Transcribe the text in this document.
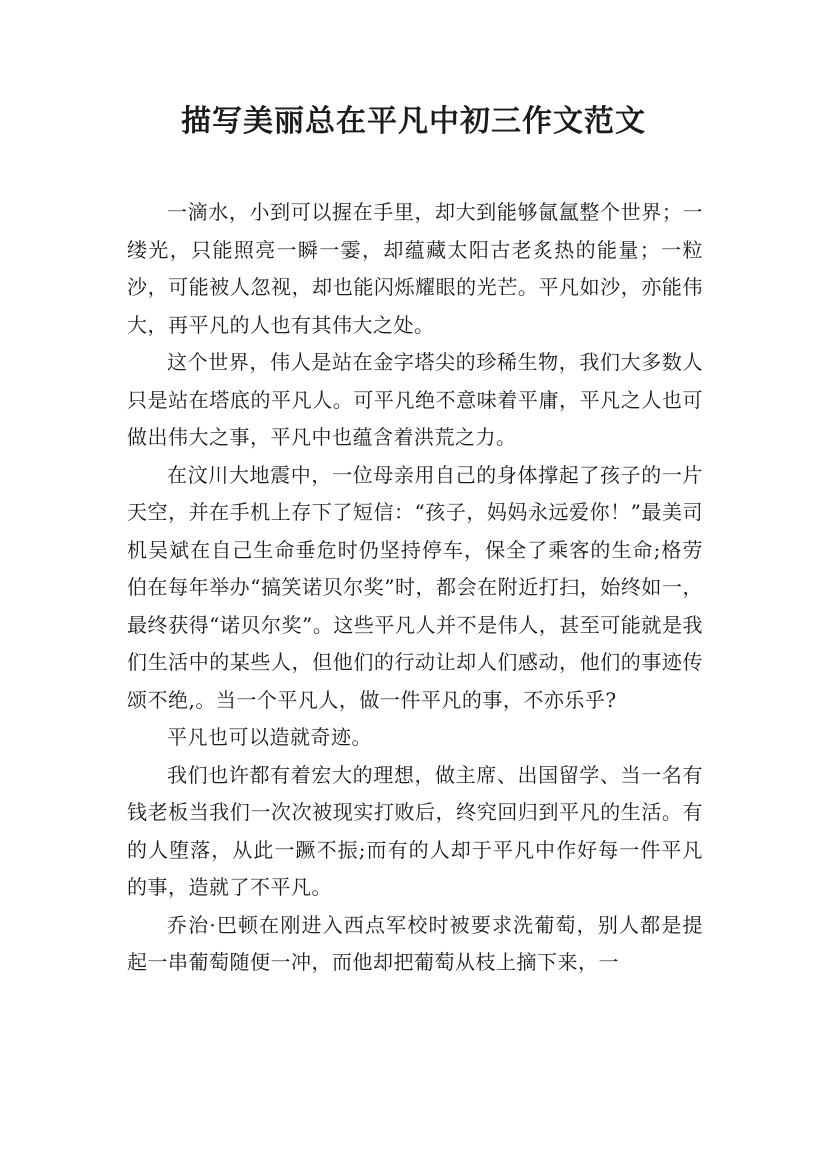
描写美丽总在平凡中初三作文范文

一滴水，小到可以握在手里，却大到能够氤氲整个世界；一缕光，只能照亮一瞬一霎，却蕴藏太阳古老炙热的能量；一粒沙，可能被人忽视，却也能闪烁耀眼的光芒。平凡如沙，亦能伟大，再平凡的人也有其伟大之处。

这个世界，伟人是站在金字塔尖的珍稀生物，我们大多数人只是站在塔底的平凡人。可平凡绝不意味着平庸，平凡之人也可做出伟大之事，平凡中也蕴含着洪荒之力。

在汶川大地震中，一位母亲用自己的身体撑起了孩子的一片天空，并在手机上存下了短信：“孩子，妈妈永远爱你！”最美司机吴斌在自己生命垂危时仍坚持停车，保全了乘客的生命;格劳伯在每年举办“搞笑诺贝尔奖”时，都会在附近打扫，始终如一，最终获得“诺贝尔奖”。这些平凡人并不是伟人，甚至可能就是我们生活中的某些人，但他们的行动让却人们感动，他们的事迹传颂不绝,。当一个平凡人，做一件平凡的事，不亦乐乎?

平凡也可以造就奇迹。

我们也许都有着宏大的理想，做主席、出国留学、当一名有钱老板当我们一次次被现实打败后，终究回归到平凡的生活。有的人堕落，从此一蹶不振;而有的人却于平凡中作好每一件平凡的事，造就了不平凡。

乔治·巴顿在刚进入西点军校时被要求洗葡萄，别人都是提起一串葡萄随便一冲，而他却把葡萄从枝上摘下来，一
